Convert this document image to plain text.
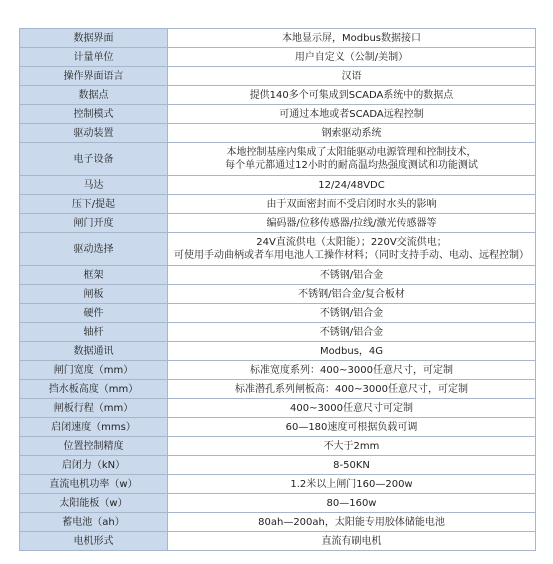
数据界面	本地显示屏，Modbus数据接口

计量单位	用户自定义（公制/美制）

操作界面语言	汉语

数据点	提供140多个可集成到SCADA系统中的数据点

控制模式	可通过本地或者SCADA远程控制

驱动装置	钢索驱动系统

电子设备	本地控制基座内集成了太阳能驱动电源管理和控制技术，
每个单元都通过12小时的耐高温均热强度测试和功能测试

马达	12/24/48VDC

压下/提起	由于双面密封而不受启闭时水头的影响

闸门开度	编码器/位移传感器/拉线/激光传感器等

驱动选择	24V直流供电（太阳能）；220V交流供电；
可使用手动曲柄或者车用电池人工操作材料；（同时支持手动、电动、远程控制）

框架	不锈钢/铝合金

闸板	不锈钢/铝合金/复合板材

硬件	不锈钢/铝合金

轴杆	不锈钢/铝合金

数据通讯	Modbus，4G

闸门宽度（mm）	标准宽度系列：400~3000任意尺寸，可定制

挡水板高度（mm）	标准潜孔系列闸板高：400~3000任意尺寸，可定制

闸板行程（mm）	400~3000任意尺寸可定制

启闭速度（mms）	60—180速度可根据负载可调

位置控制精度	不大于2mm

启闭力（kN）	8-50KN

直流电机功率（w）	1.2米以上闸门160—200w

太阳能板（w）	80—160w

蓄电池（ah）	80ah—200ah，太阳能专用胶体储能电池

电机形式	直流有刷电机
